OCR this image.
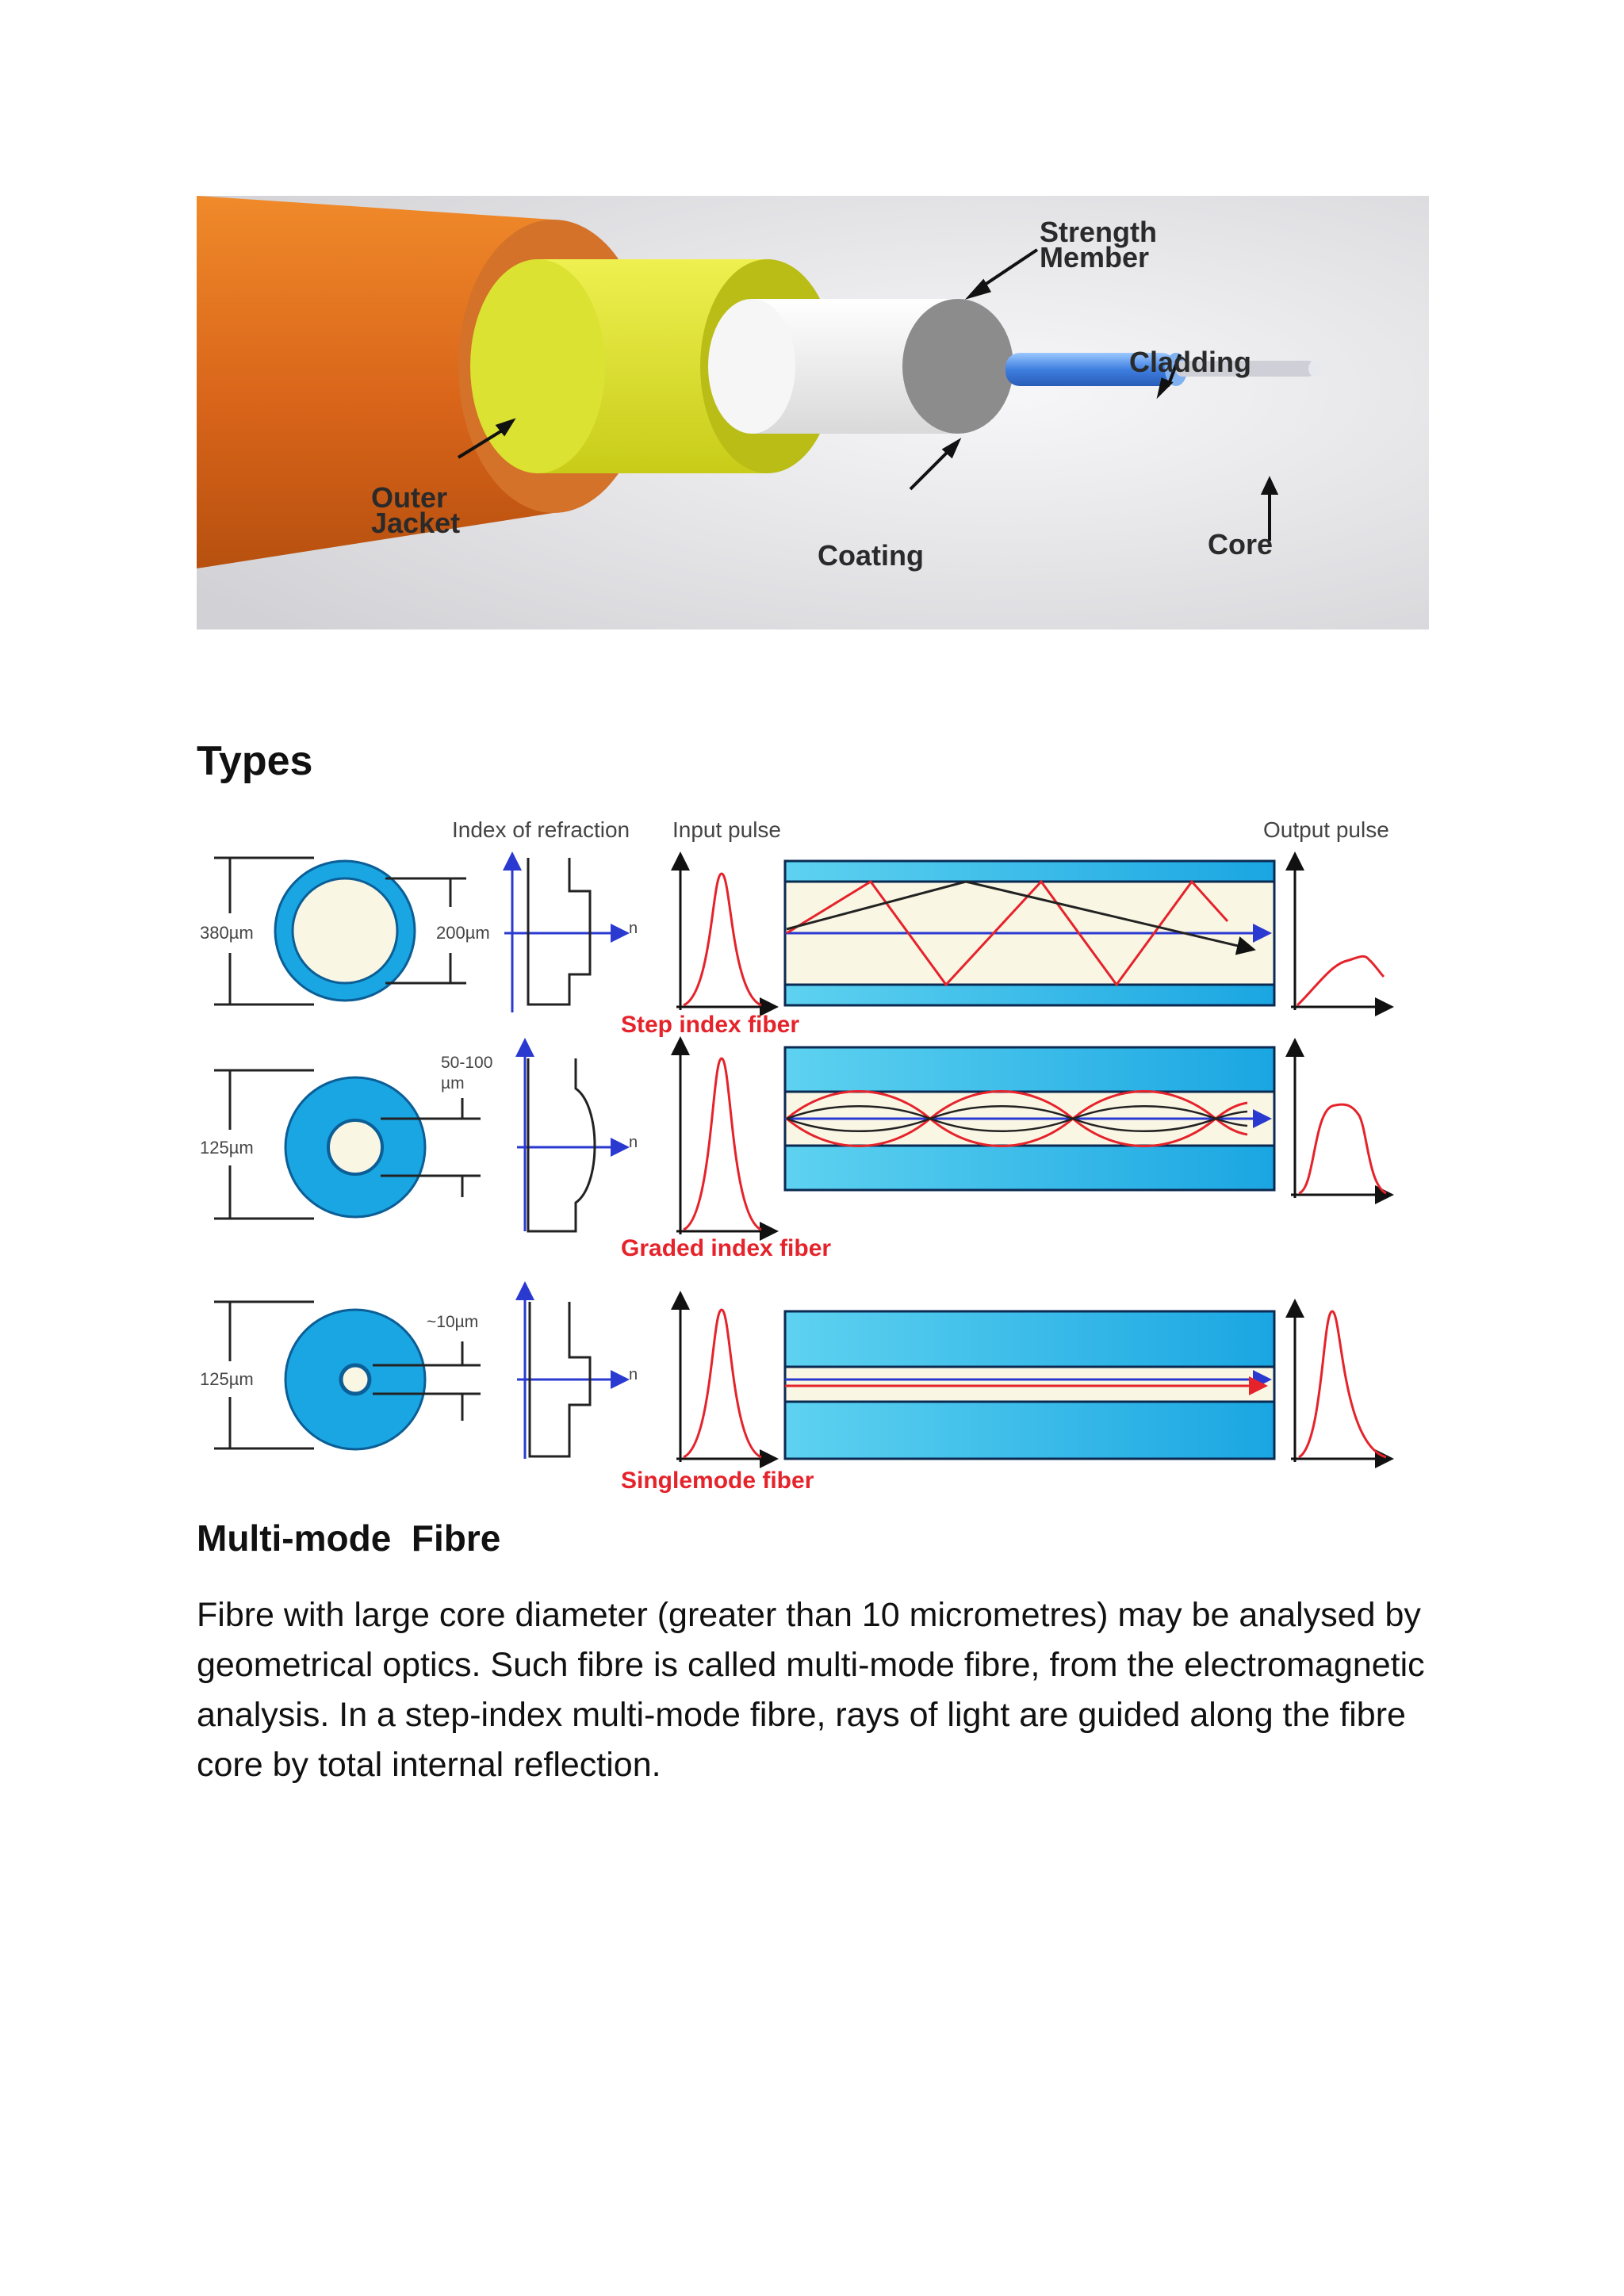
Strength
Member
Cladding
Outer
Jacket
Coating	Core
Types
Index of refraction Input pulse	Output pulse
380µm	200µm	n
Step index fiber
125µm
50-100
µm
n
Graded index fiber
125µm
~10µm
n
Singlemode fiber
Multi-mode  Fibre

Fibre with large core diameter (greater than 10 micrometres) may be analysed by geometrical optics. Such fibre is called multi-mode fibre, from the electromagnetic analysis. In a step-index multi-mode fibre, rays of light are guided along the fibre core by total internal reflection.
